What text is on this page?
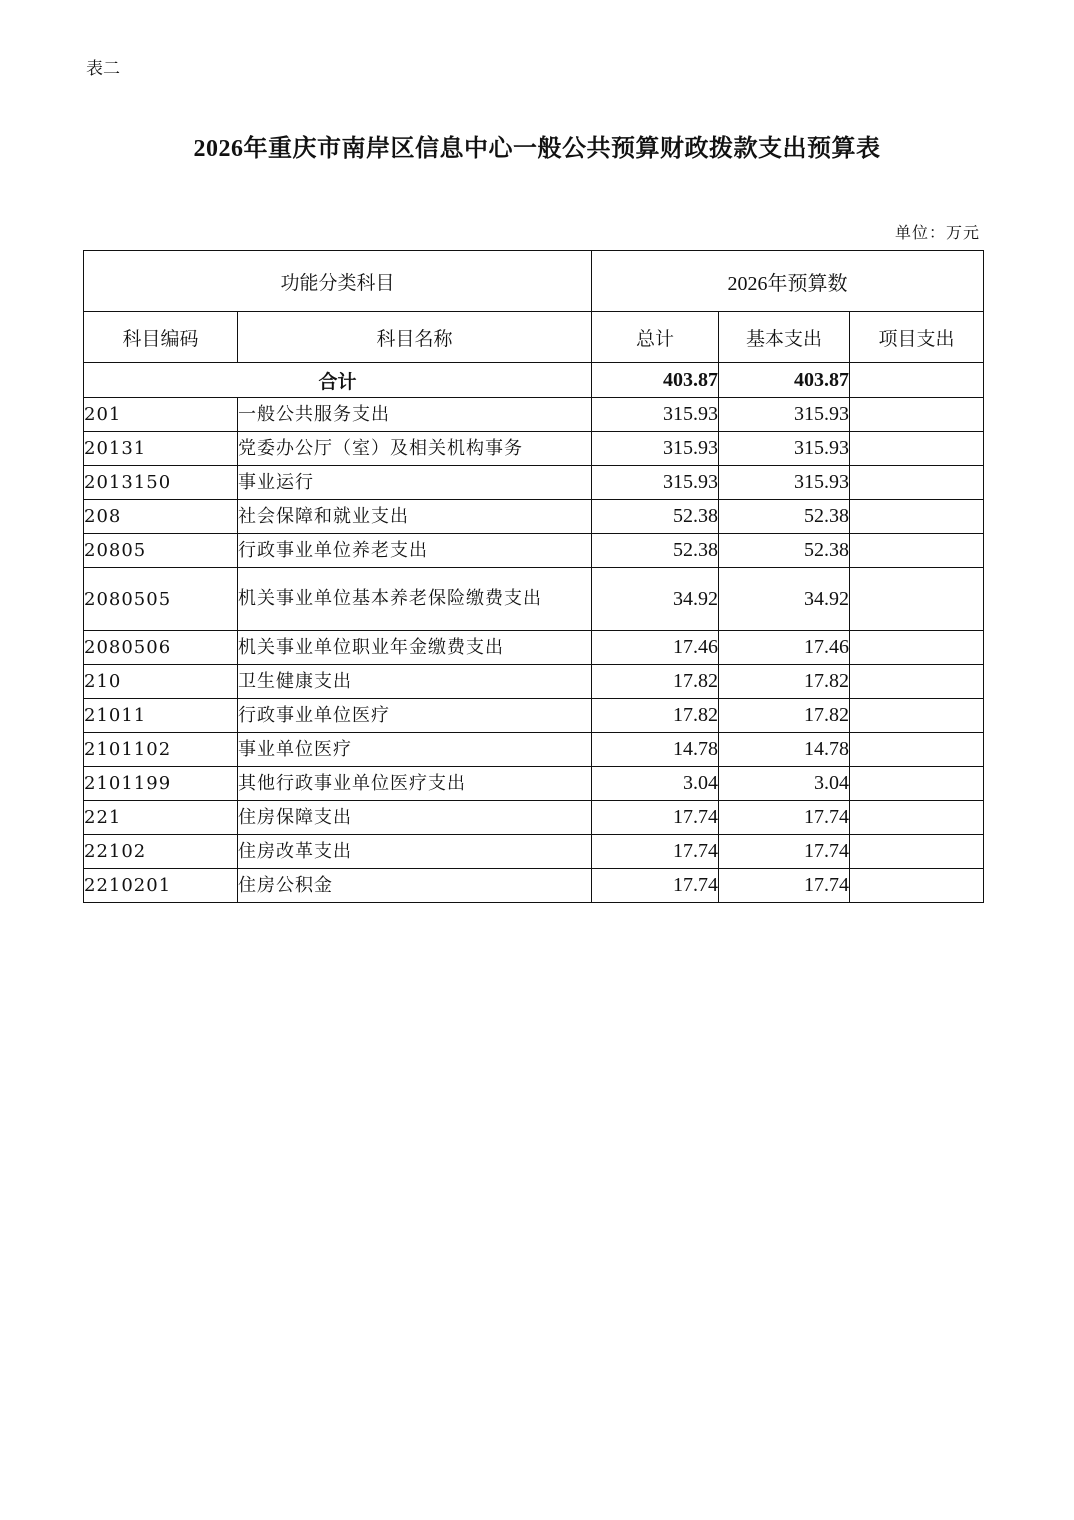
表二
2026年重庆市南岸区信息中心一般公共预算财政拨款支出预算表
单位：万元
功能分类科目		2026年预算数		
科目编码	科目名称	总计	基本支出	项目支出
合计		403.87	403.87	
201	一般公共服务支出	315.93	315.93	
20131	党委办公厅（室）及相关机构事务	315.93	315.93	
2013150	事业运行	315.93	315.93	
208	社会保障和就业支出	52.38	52.38	
20805	行政事业单位养老支出	52.38	52.38	
2080505	机关事业单位基本养老保险缴费支出	34.92	34.92	
2080506	机关事业单位职业年金缴费支出	17.46	17.46	
210	卫生健康支出	17.82	17.82	
21011	行政事业单位医疗	17.82	17.82	
2101102	事业单位医疗	14.78	14.78	
2101199	其他行政事业单位医疗支出	3.04	3.04	
221	住房保障支出	17.74	17.74	
22102	住房改革支出	17.74	17.74	
2210201	住房公积金	17.74	17.74	
